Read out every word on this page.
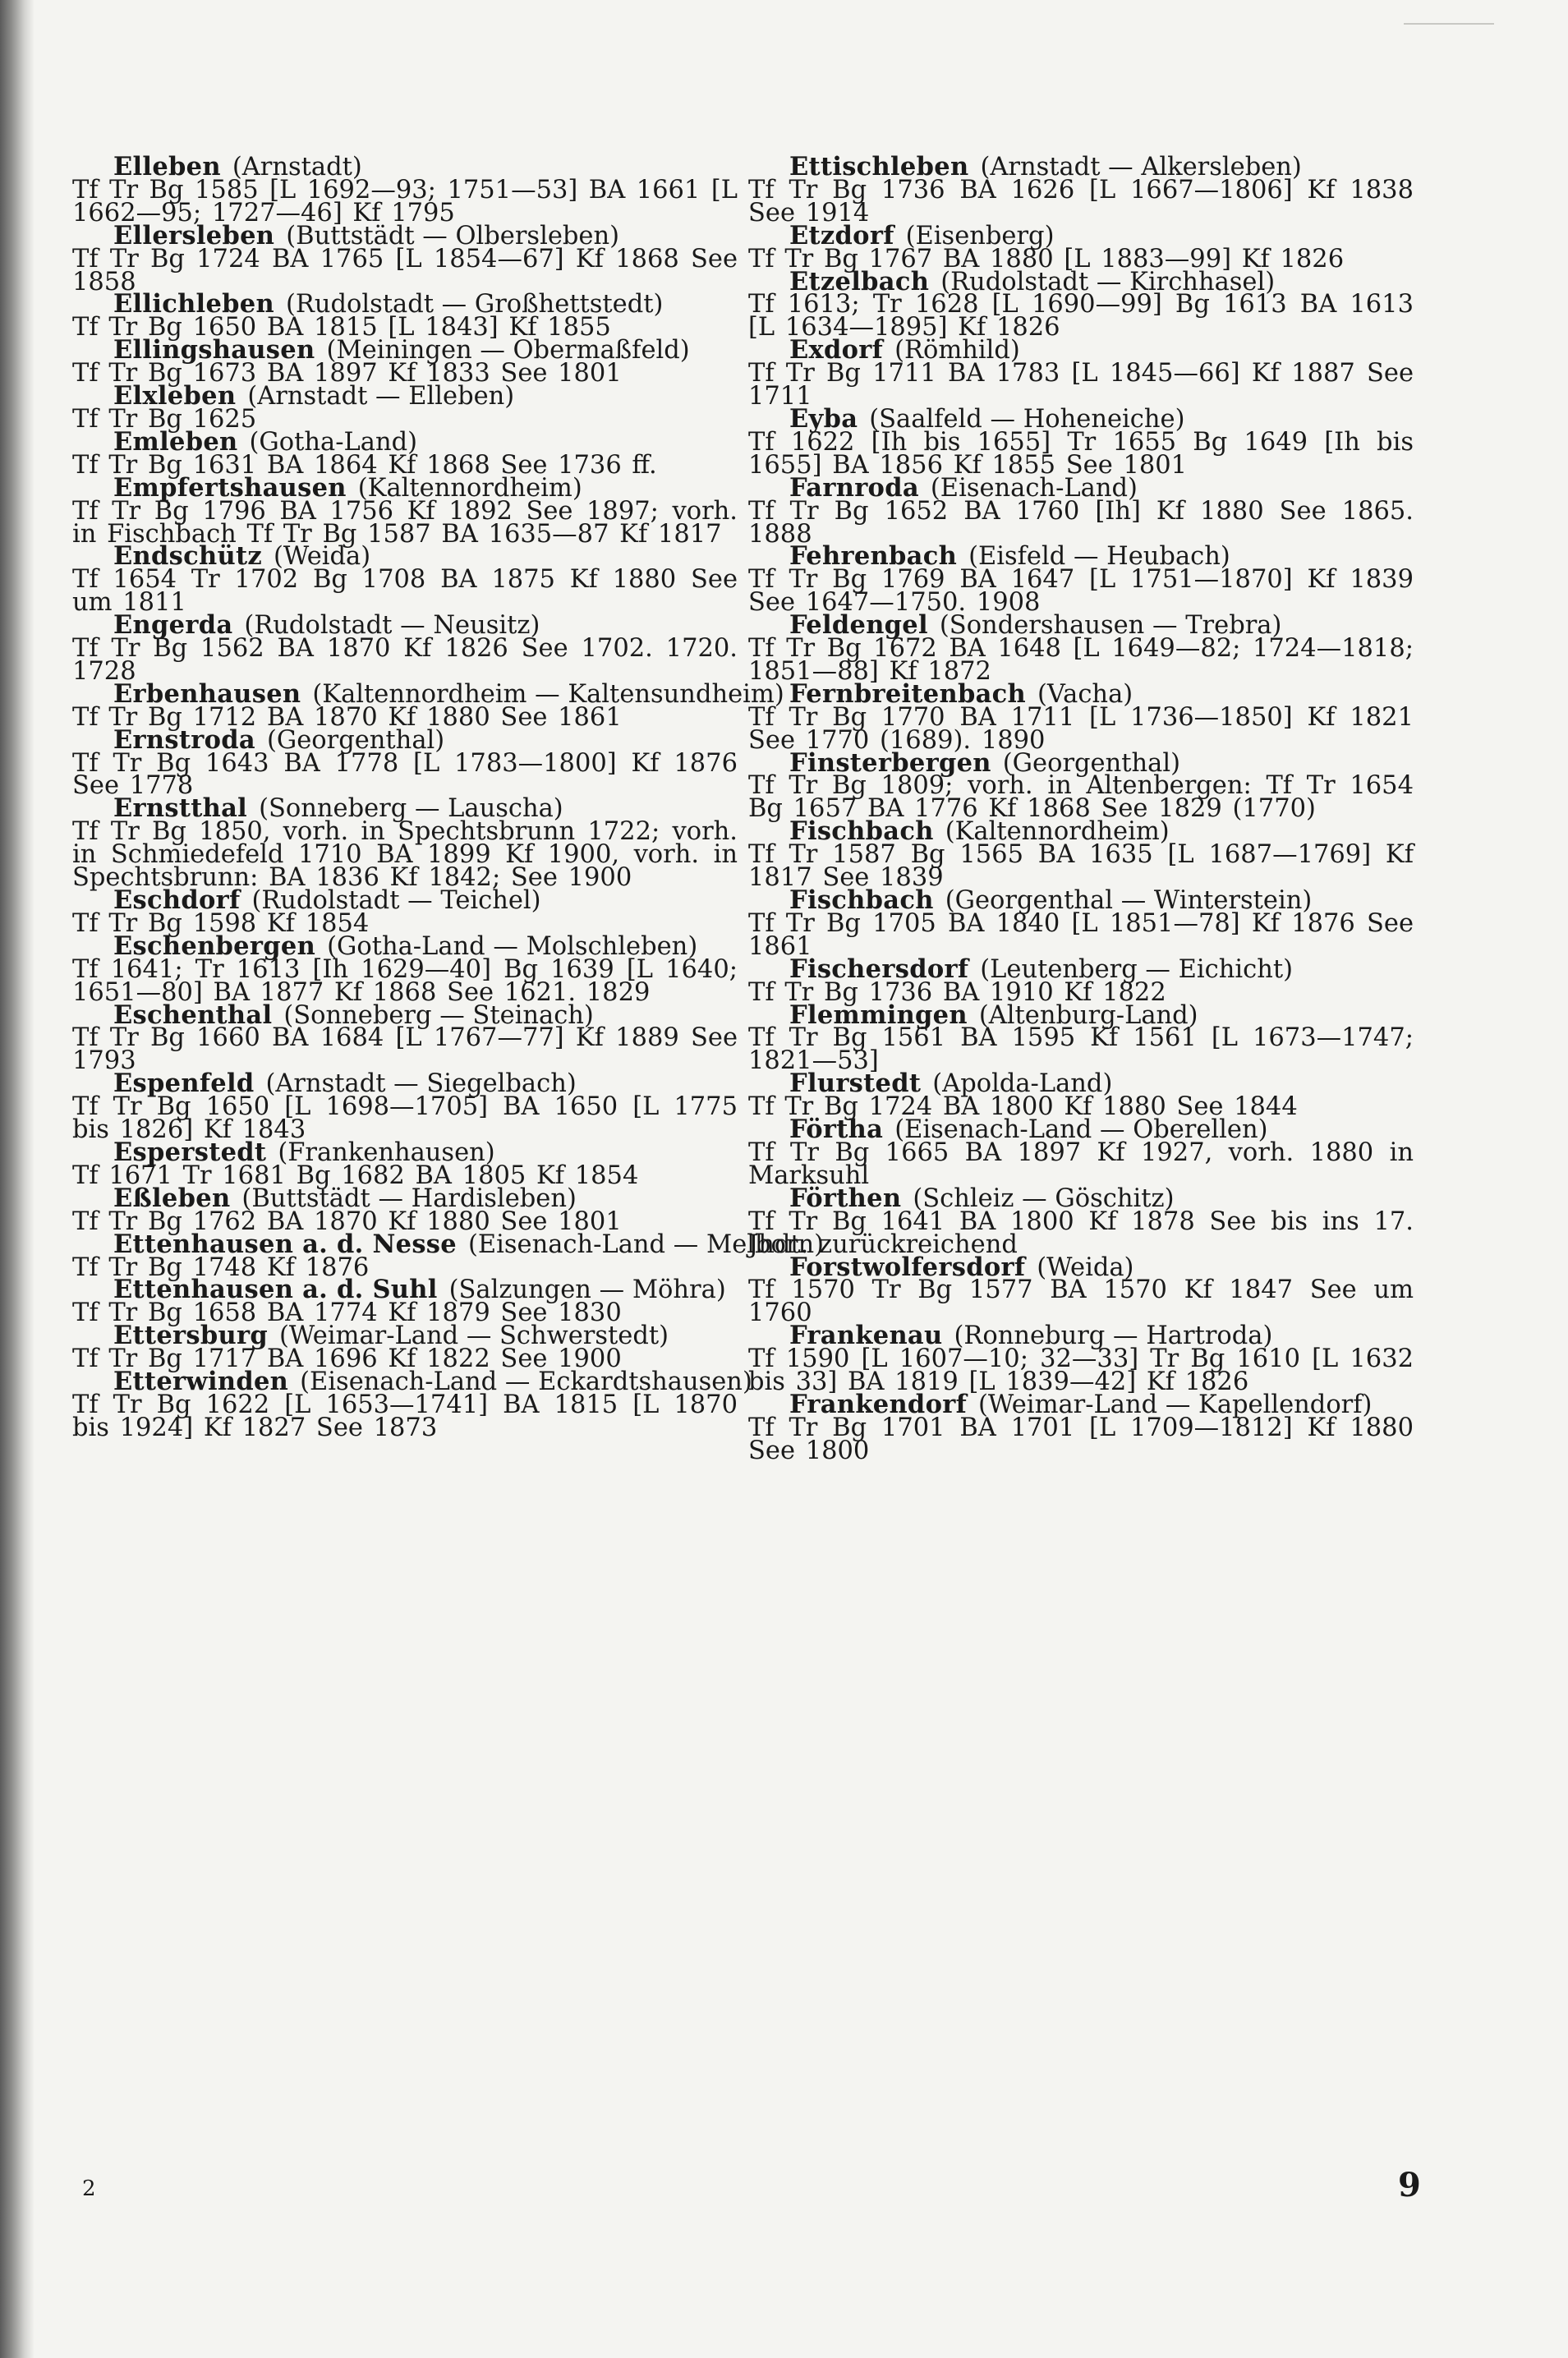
Elleben (Arnstadt)
Tf Tr Bg 1585 [L 1692—93; 1751—53] BA 1661 [L 1662—95; 1727—46] Kf 1795
Ellersleben (Buttstädt — Olbersleben)
Tf Tr Bg 1724 BA 1765 [L 1854—67] Kf 1868 See 1858
Ellichleben (Rudolstadt — Großhettstedt)
Tf Tr Bg 1650 BA 1815 [L 1843] Kf 1855
Ellingshausen (Meiningen — Obermaßfeld)
Tf Tr Bg 1673 BA 1897 Kf 1833 See 1801
Elxleben (Arnstadt — Elleben)
Tf Tr Bg 1625
Emleben (Gotha-Land)
Tf Tr Bg 1631 BA 1864 Kf 1868 See 1736 ff.
Empfertshausen (Kaltennordheim)
Tf Tr Bg 1796 BA 1756 Kf 1892 See 1897; vorh. in Fischbach Tf Tr Bg 1587 BA 1635—87 Kf 1817
Endschütz (Weida)
Tf 1654 Tr 1702 Bg 1708 BA 1875 Kf 1880 See um 1811
Engerda (Rudolstadt — Neusitz)
Tf Tr Bg 1562 BA 1870 Kf 1826 See 1702. 1720. 1728
Erbenhausen (Kaltennordheim — Kaltensundheim)
Tf Tr Bg 1712 BA 1870 Kf 1880 See 1861
Ernstroda (Georgenthal)
Tf Tr Bg 1643 BA 1778 [L 1783—1800] Kf 1876 See 1778
Ernstthal (Sonneberg — Lauscha)
Tf Tr Bg 1850, vorh. in Spechtsbrunn 1722; vorh. in Schmiedefeld 1710 BA 1899 Kf 1900, vorh. in Spechtsbrunn: BA 1836 Kf 1842; See 1900
Eschdorf (Rudolstadt — Teichel)
Tf Tr Bg 1598 Kf 1854
Eschenbergen (Gotha-Land — Molschleben)
Tf 1641; Tr 1613 [Ih 1629—40] Bg 1639 [L 1640; 1651—80] BA 1877 Kf 1868 See 1621. 1829
Eschenthal (Sonneberg — Steinach)
Tf Tr Bg 1660 BA 1684 [L 1767—77] Kf 1889 See 1793
Espenfeld (Arnstadt — Siegelbach)
Tf Tr Bg 1650 [L 1698—1705] BA 1650 [L 1775 bis 1826] Kf 1843
Esperstedt (Frankenhausen)
Tf 1671 Tr 1681 Bg 1682 BA 1805 Kf 1854
Eßleben (Buttstädt — Hardisleben)
Tf Tr Bg 1762 BA 1870 Kf 1880 See 1801
Ettenhausen a. d. Nesse (Eisenach-Land — Melborn)
Tf Tr Bg 1748 Kf 1876
Ettenhausen a. d. Suhl (Salzungen — Möhra)
Tf Tr Bg 1658 BA 1774 Kf 1879 See 1830
Ettersburg (Weimar-Land — Schwerstedt)
Tf Tr Bg 1717 BA 1696 Kf 1822 See 1900
Etterwinden (Eisenach-Land — Eckardtshausen)
Tf Tr Bg 1622 [L 1653—1741] BA 1815 [L 1870 bis 1924] Kf 1827 See 1873
Ettischleben (Arnstadt — Alkersleben)
Tf Tr Bg 1736 BA 1626 [L 1667—1806] Kf 1838 See 1914
Etzdorf (Eisenberg)
Tf Tr Bg 1767 BA 1880 [L 1883—99] Kf 1826
Etzelbach (Rudolstadt — Kirchhasel)
Tf 1613; Tr 1628 [L 1690—99] Bg 1613 BA 1613 [L 1634—1895] Kf 1826
Exdorf (Römhild)
Tf Tr Bg 1711 BA 1783 [L 1845—66] Kf 1887 See 1711
Eyba (Saalfeld — Hoheneiche)
Tf 1622 [Ih bis 1655] Tr 1655 Bg 1649 [Ih bis 1655] BA 1856 Kf 1855 See 1801
Farnroda (Eisenach-Land)
Tf Tr Bg 1652 BA 1760 [Ih] Kf 1880 See 1865. 1888
Fehrenbach (Eisfeld — Heubach)
Tf Tr Bg 1769 BA 1647 [L 1751—1870] Kf 1839 See 1647—1750. 1908
Feldengel (Sondershausen — Trebra)
Tf Tr Bg 1672 BA 1648 [L 1649—82; 1724—1818; 1851—88] Kf 1872
Fernbreitenbach (Vacha)
Tf Tr Bg 1770 BA 1711 [L 1736—1850] Kf 1821 See 1770 (1689). 1890
Finsterbergen (Georgenthal)
Tf Tr Bg 1809; vorh. in Altenbergen: Tf Tr 1654 Bg 1657 BA 1776 Kf 1868 See 1829 (1770)
Fischbach (Kaltennordheim)
Tf Tr 1587 Bg 1565 BA 1635 [L 1687—1769] Kf 1817 See 1839
Fischbach (Georgenthal — Winterstein)
Tf Tr Bg 1705 BA 1840 [L 1851—78] Kf 1876 See 1861
Fischersdorf (Leutenberg — Eichicht)
Tf Tr Bg 1736 BA 1910 Kf 1822
Flemmingen (Altenburg-Land)
Tf Tr Bg 1561 BA 1595 Kf 1561 [L 1673—1747; 1821—53]
Flurstedt (Apolda-Land)
Tf Tr Bg 1724 BA 1800 Kf 1880 See 1844
Förtha (Eisenach-Land — Oberellen)
Tf Tr Bg 1665 BA 1897 Kf 1927, vorh. 1880 in Marksuhl
Förthen (Schleiz — Göschitz)
Tf Tr Bg 1641 BA 1800 Kf 1878 See bis ins 17. Jhdt. zurückreichend
Forstwolfersdorf (Weida)
Tf 1570 Tr Bg 1577 BA 1570 Kf 1847 See um 1760
Frankenau (Ronneburg — Hartroda)
Tf 1590 [L 1607—10; 32—33] Tr Bg 1610 [L 1632 bis 33] BA 1819 [L 1839—42] Kf 1826
Frankendorf (Weimar-Land — Kapellendorf)
Tf Tr Bg 1701 BA 1701 [L 1709—1812] Kf 1880 See 1800
2	9
